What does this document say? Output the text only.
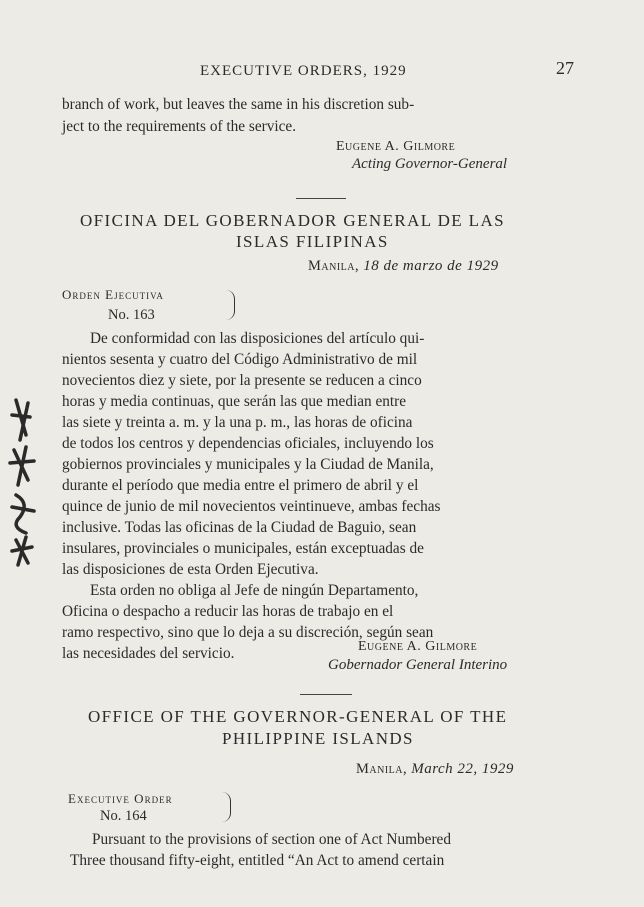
EXECUTIVE ORDERS, 1929	27
branch of work, but leaves the same in his discretion sub-
ject to the requirements of the service.
Eugene A. Gilmore
Acting Governor-General
OFICINA DEL GOBERNADOR GENERAL DE LAS
ISLAS FILIPINAS
Manila, 18 de marzo de 1929
Orden Ejecutiva
No. 163
De conformidad con las disposiciones del artículo qui-
nientos sesenta y cuatro del Código Administrativo de mil
novecientos diez y siete, por la presente se reducen a cinco
horas y media continuas, que serán las que median entre
las siete y treinta a. m. y la una p. m., las horas de oficina
de todos los centros y dependencias oficiales, incluyendo los
gobiernos provinciales y municipales y la Ciudad de Manila,
durante el período que media entre el primero de abril y el
quince de junio de mil novecientos veintinueve, ambas fechas
inclusive. Todas las oficinas de la Ciudad de Baguio, sean
insulares, provinciales o municipales, están exceptuadas de
las disposiciones de esta Orden Ejecutiva.
Esta orden no obliga al Jefe de ningún Departamento,
Oficina o despacho a reducir las horas de trabajo en el
ramo respectivo, sino que lo deja a su discreción, según sean
las necesidades del servicio.	Eugene A. Gilmore
Gobernador General Interino
OFFICE OF THE GOVERNOR-GENERAL OF THE
PHILIPPINE ISLANDS
Manila, March 22, 1929
Executive Order
No. 164
Pursuant to the provisions of section one of Act Numbered
Three thousand fifty-eight, entitled “An Act to amend certain
